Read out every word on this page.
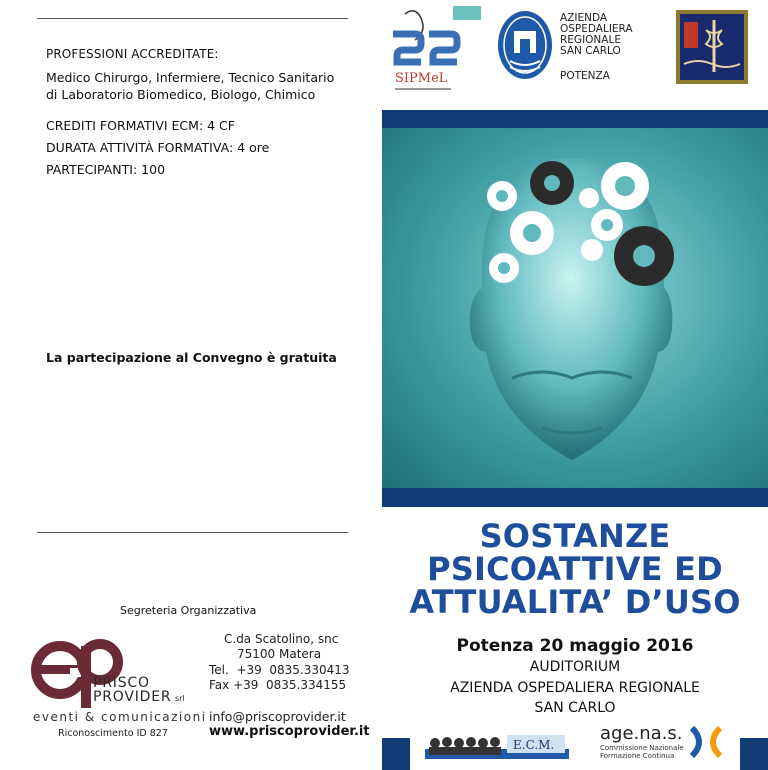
PROFESSIONI ACCREDITATE:
Medico Chirurgo, Infermiere, Tecnico Sanitario di Laboratorio Biomedico, Biologo, Chimico
CREDITI FORMATIVI ECM: 4 CF
DURATA ATTIVITÀ FORMATIVA: 4 ore
PARTECIPANTI: 100
La partecipazione al Convegno è gratuita
Segreteria Organizzativa
ep
PRISCO PROVIDER srl
eventi & comunicazioni
Riconoscimento ID 827
C.da Scatolino, snc
75100 Matera
Tel.  +39  0835.330413
Fax +39  0835.334155
info@priscoprovider.it
www.priscoprovider.it
SIPMeL
AZIENDA
OSPEDALIERA
REGIONALE
SAN CARLO
POTENZA
SOSTANZE
PSICOATTIVE ED
ATTUALITA’ D’USO
Potenza 20 maggio 2016
AUDITORIUM
AZIENDA OSPEDALIERA REGIONALE
SAN CARLO
E.C.M.
age.na.s.
Commissione Nazionale
Formazione Continua
